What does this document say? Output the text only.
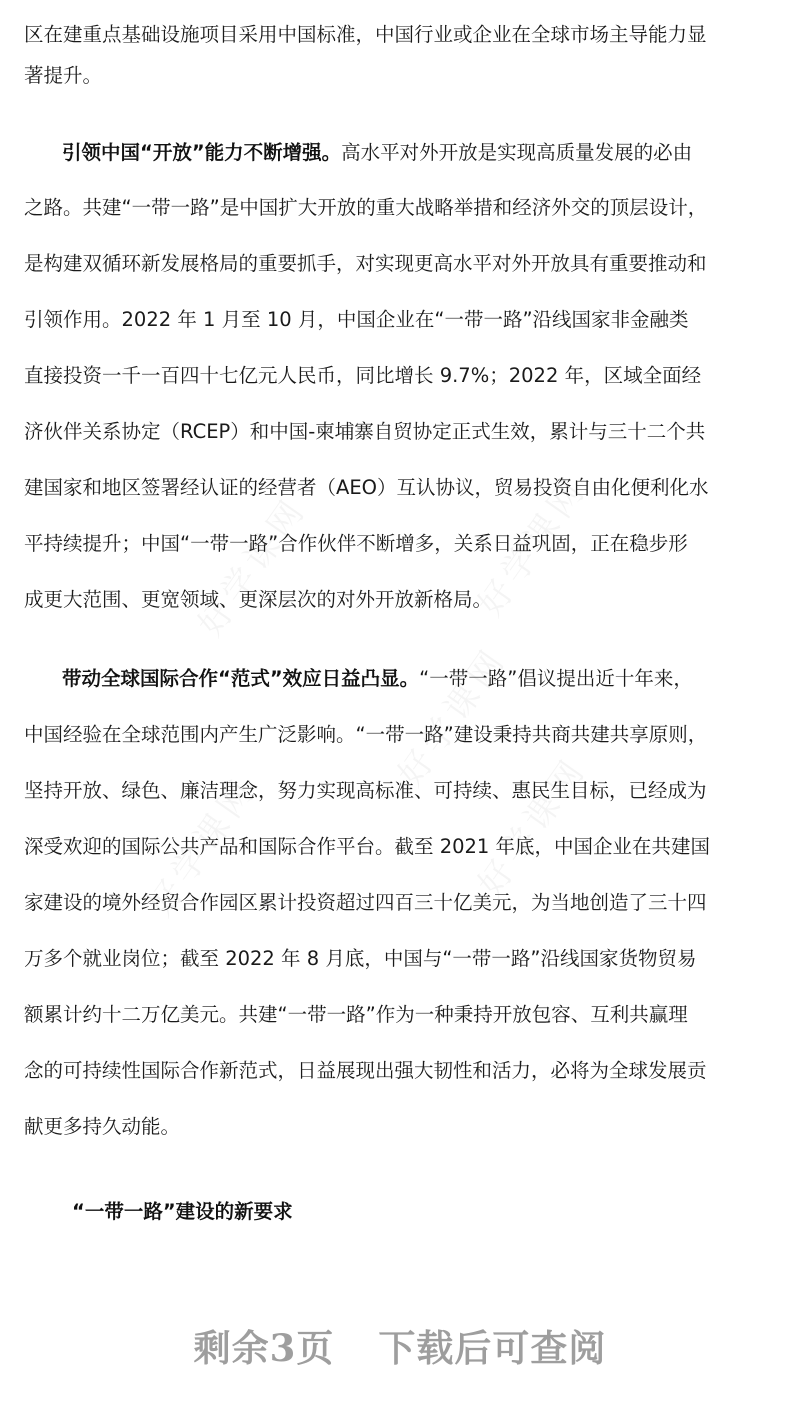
区在建重点基础设施项目采用中国标准，中国行业或企业在全球市场主导能力显
著提升。
引领中国“开放”能力不断增强。高水平对外开放是实现高质量发展的必由
之路。共建“一带一路”是中国扩大开放的重大战略举措和经济外交的顶层设计，
是构建双循环新发展格局的重要抓手，对实现更高水平对外开放具有重要推动和
引领作用。2022 年 1 月至 10 月，中国企业在“一带一路”沿线国家非金融类
直接投资一千一百四十七亿元人民币，同比增长 9.7%；2022 年，区域全面经
济伙伴关系协定（RCEP）和中国-柬埔寨自贸协定正式生效，累计与三十二个共
建国家和地区签署经认证的经营者（AEO）互认协议，贸易投资自由化便利化水
平持续提升；中国“一带一路”合作伙伴不断增多，关系日益巩固，正在稳步形
成更大范围、更宽领域、更深层次的对外开放新格局。
带动全球国际合作“范式”效应日益凸显。“一带一路”倡议提出近十年来，
中国经验在全球范围内产生广泛影响。“一带一路”建设秉持共商共建共享原则，
坚持开放、绿色、廉洁理念，努力实现高标准、可持续、惠民生目标，已经成为
深受欢迎的国际公共产品和国际合作平台。截至 2021 年底，中国企业在共建国
家建设的境外经贸合作园区累计投资超过四百三十亿美元，为当地创造了三十四
万多个就业岗位；截至 2022 年 8 月底，中国与“一带一路”沿线国家货物贸易
额累计约十二万亿美元。共建“一带一路”作为一种秉持开放包容、互利共赢理
念的可持续性国际合作新范式，日益展现出强大韧性和活力，必将为全球发展贡
献更多持久动能。
“一带一路”建设的新要求
剩余3页 下载后可查阅
